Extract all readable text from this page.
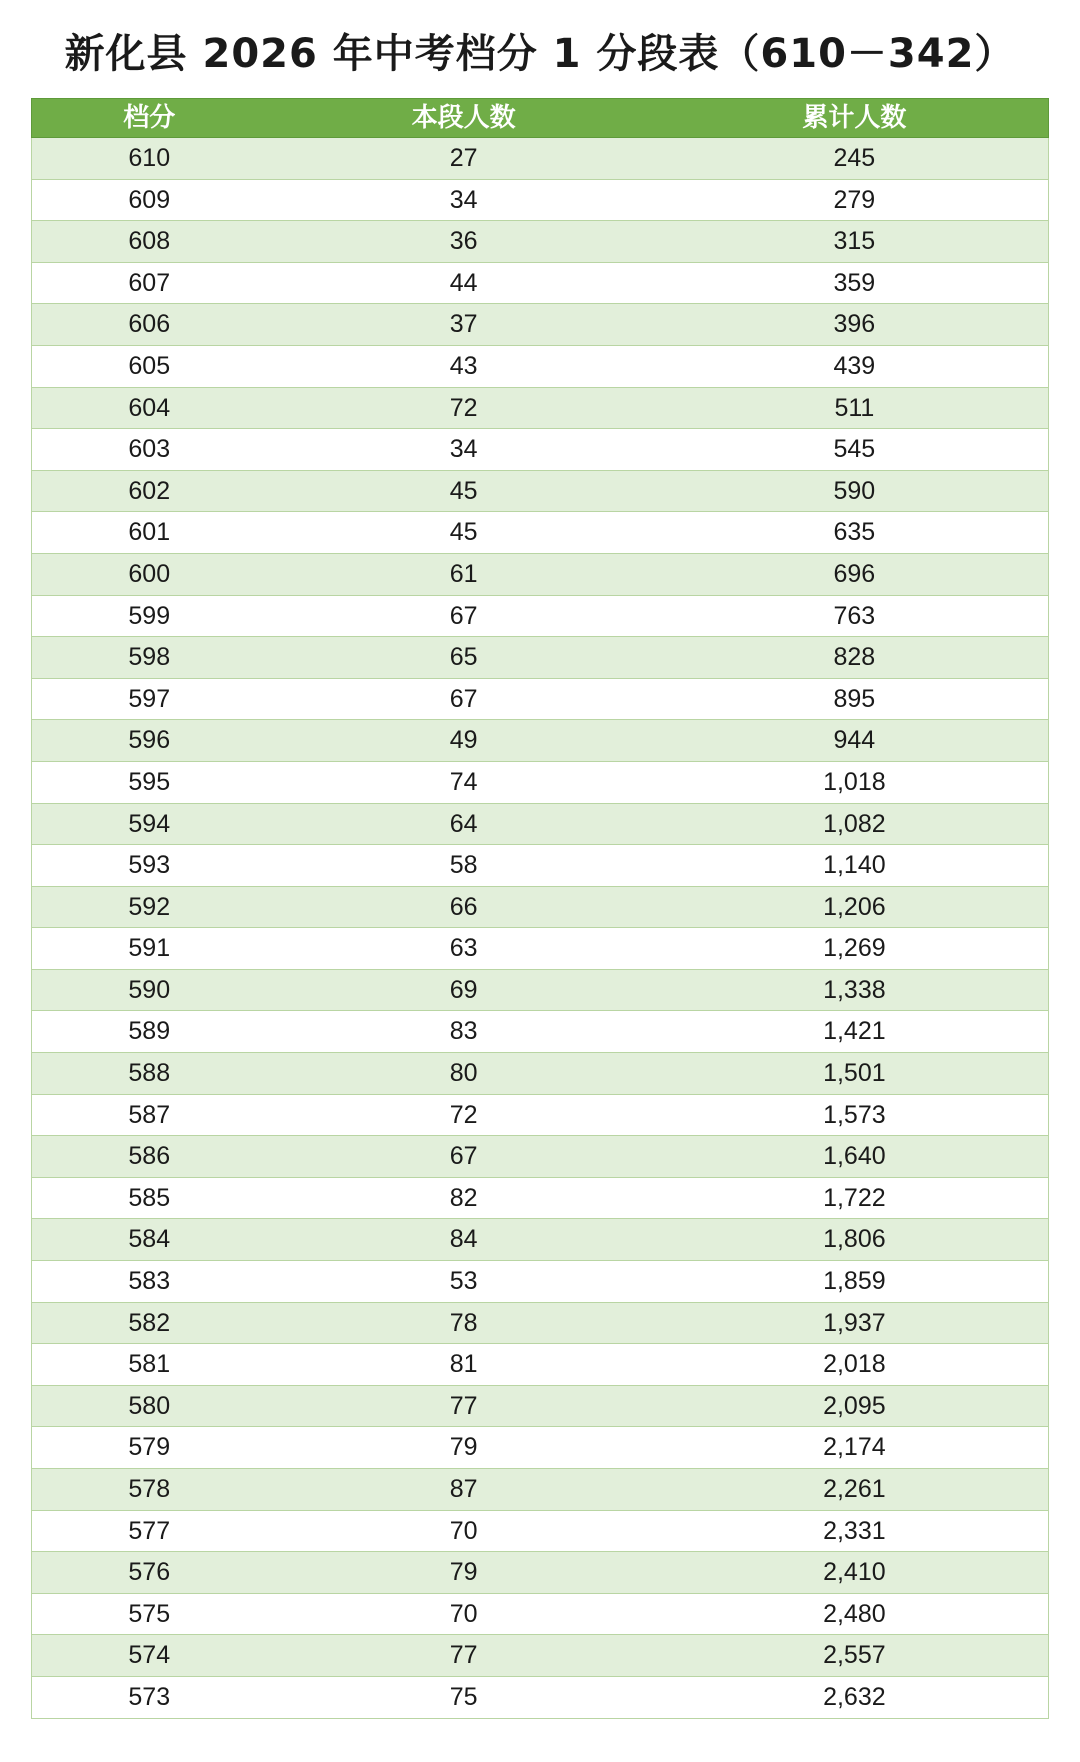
新化县 2026 年中考档分 1 分段表（610－342）
档分	本段人数	累计人数
610	27	245
609	34	279
608	36	315
607	44	359
606	37	396
605	43	439
604	72	511
603	34	545
602	45	590
601	45	635
600	61	696
599	67	763
598	65	828
597	67	895
596	49	944
595	74	1,018
594	64	1,082
593	58	1,140
592	66	1,206
591	63	1,269
590	69	1,338
589	83	1,421
588	80	1,501
587	72	1,573
586	67	1,640
585	82	1,722
584	84	1,806
583	53	1,859
582	78	1,937
581	81	2,018
580	77	2,095
579	79	2,174
578	87	2,261
577	70	2,331
576	79	2,410
575	70	2,480
574	77	2,557
573	75	2,632
